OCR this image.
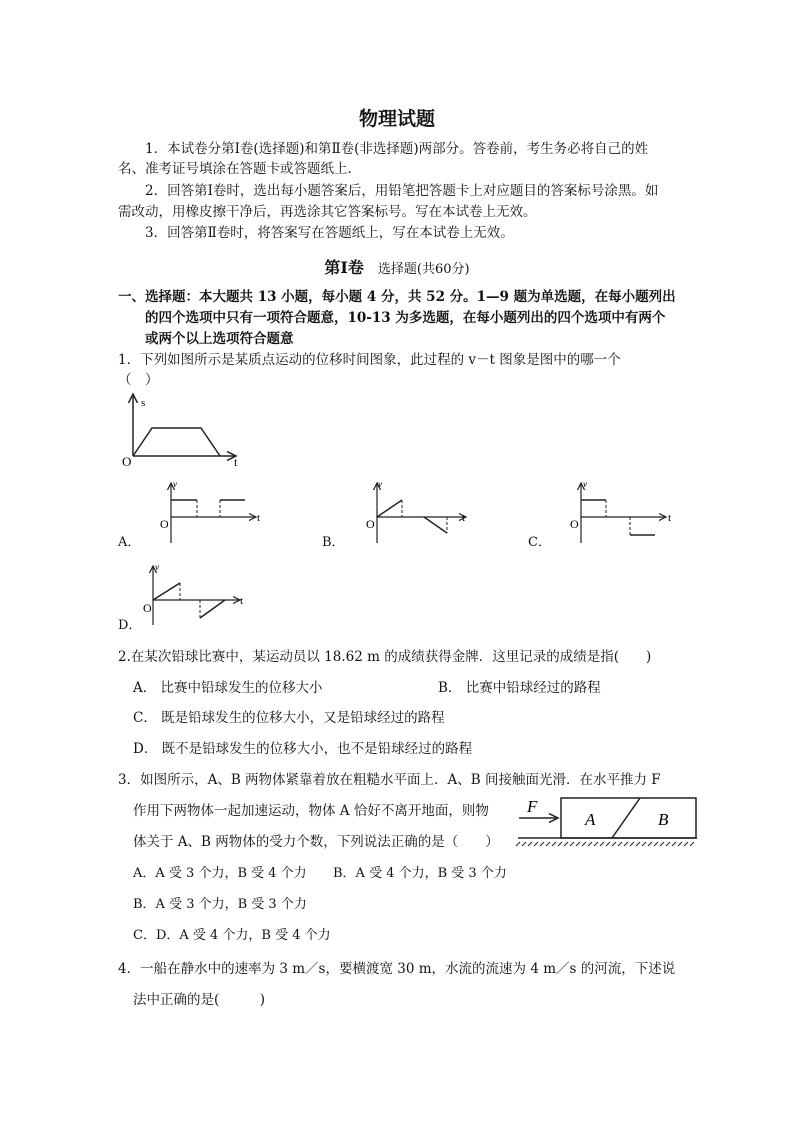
物理试题
1．本试卷分第Ⅰ卷(选择题)和第Ⅱ卷(非选择题)两部分。答卷前，考生务必将自己的姓
名、准考证号填涂在答题卡或答题纸上.
2．回答第Ⅰ卷时，选出每小题答案后，用铅笔把答题卡上对应题目的答案标号涂黑。如
需改动，用橡皮擦干净后，再选涂其它答案标号。写在本试卷上无效。
3．回答第Ⅱ卷时，将答案写在答题纸上，写在本试卷上无效。
第Ⅰ卷 选择题(共60分)
一、选择题：本大题共 13 小题，每小题 4 分，共 52 分。1—9 题为单选题，在每小题列出
的四个选项中只有一项符合题意，10-13 为多选题，在每小题列出的四个选项中有两个
或两个以上选项符合题意
1．下列如图所示是某质点运动的位移时间图象，此过程的 v－t 图象是图中的哪一个
（　）
s
O	t
v
O	t
v
O	t
v
O	t
v
O	t
F
A	B
A．	B．	C．
D．
2.在某次铅球比赛中，某运动员以 18.62 m 的成绩获得金牌．这里记录的成绩是指(　　)
A． 比赛中铅球发生的位移大小	B． 比赛中铅球经过的路程
C． 既是铅球发生的位移大小，又是铅球经过的路程
D． 既不是铅球发生的位移大小，也不是铅球经过的路程
3．如图所示，A、B 两物体紧靠着放在粗糙水平面上．A、B 间接触面光滑．在水平推力 F
作用下两物体一起加速运动，物体 A 恰好不离开地面，则物
体关于 A、B 两物体的受力个数，下列说法正确的是（　　）
A．A 受 3 个力，B 受 4 个力 B．A 受 4 个力，B 受 3 个力
B．A 受 3 个力，B 受 3 个力
C．D．A 受 4 个力，B 受 4 个力
4．一船在静水中的速率为 3 m／s，要横渡宽 30 m，水流的流速为 4 m／s 的河流，下述说
法中正确的是(　　　)
